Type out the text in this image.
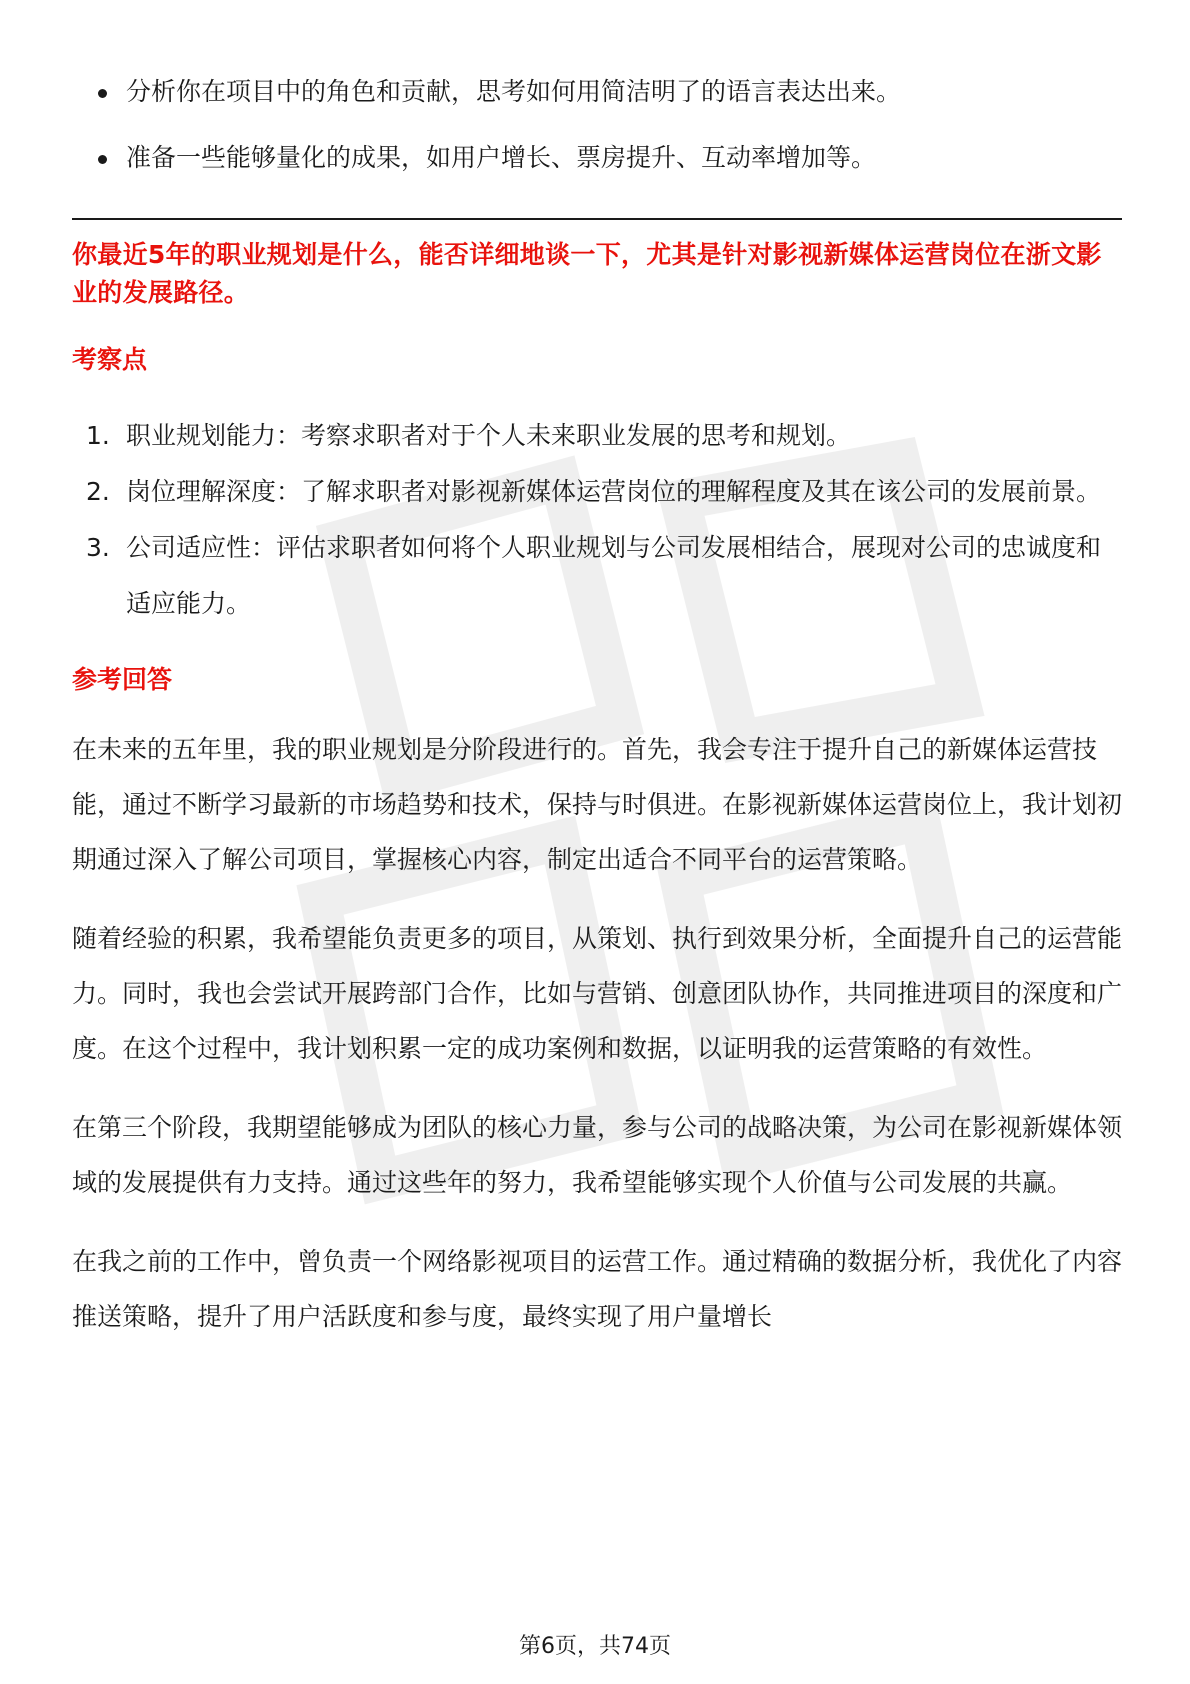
分析你在项目中的角色和贡献，思考如何用简洁明了的语言表达出来。
准备一些能够量化的成果，如用户增长、票房提升、互动率增加等。
你最近5年的职业规划是什么，能否详细地谈一下，尤其是针对影视新媒体运营岗位在浙文影业的发展路径。
考察点
1. 职业规划能力：考察求职者对于个人未来职业发展的思考和规划。
2. 岗位理解深度：了解求职者对影视新媒体运营岗位的理解程度及其在该公司的发展前景。
3. 公司适应性：评估求职者如何将个人职业规划与公司发展相结合，展现对公司的忠诚度和适应能力。
参考回答

在未来的五年里，我的职业规划是分阶段进行的。首先，我会专注于提升自己的新媒体运营技能，通过不断学习最新的市场趋势和技术，保持与时俱进。在影视新媒体运营岗位上，我计划初期通过深入了解公司项目，掌握核心内容，制定出适合不同平台的运营策略。

随着经验的积累，我希望能负责更多的项目，从策划、执行到效果分析，全面提升自己的运营能力。同时，我也会尝试开展跨部门合作，比如与营销、创意团队协作，共同推进项目的深度和广度。在这个过程中，我计划积累一定的成功案例和数据，以证明我的运营策略的有效性。

在第三个阶段，我期望能够成为团队的核心力量，参与公司的战略决策，为公司在影视新媒体领域的发展提供有力支持。通过这些年的努力，我希望能够实现个人价值与公司发展的共赢。

在我之前的工作中，曾负责一个网络影视项目的运营工作。通过精确的数据分析，我优化了内容推送策略，提升了用户活跃度和参与度，最终实现了用户量增长

第6页，共74页
